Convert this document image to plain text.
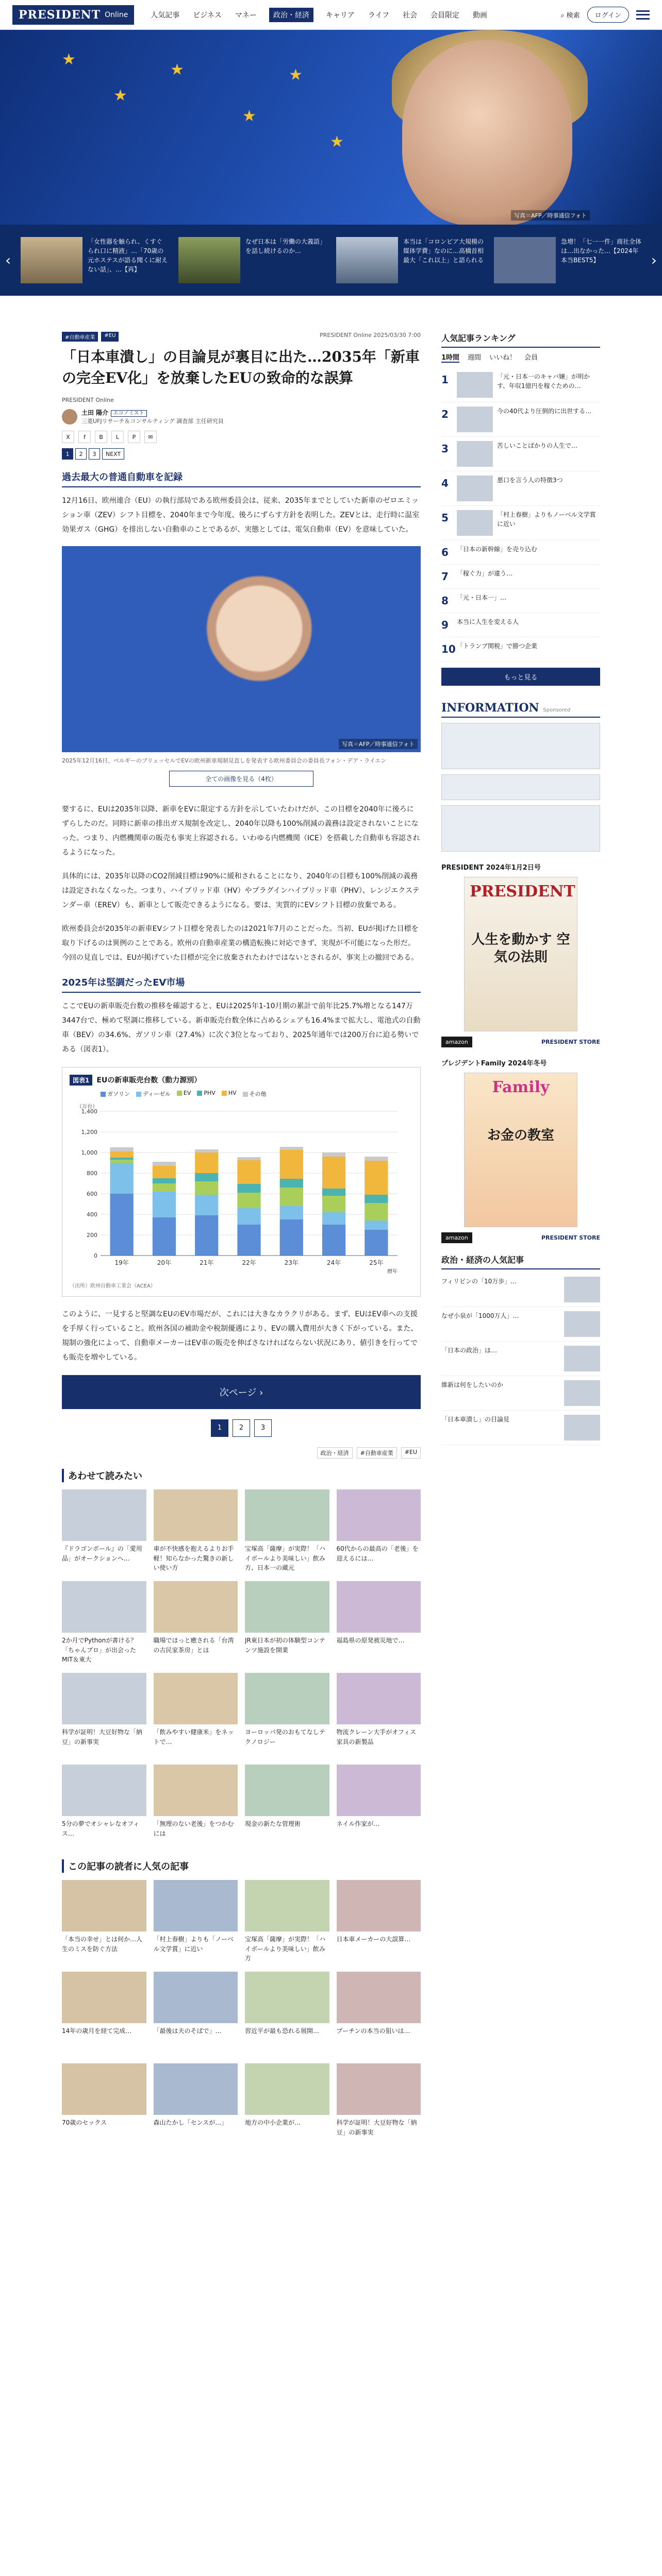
PRESIDENT Online	人気記事 ビジネス マネー	政治・経済	キャリア ライフ 社会 会員限定 動画	⌕ 検索	ログイン
★
★
★
★
★
★
写真＝AFP／時事通信フォト
‹
「女性器を触られ、くすぐられ口に精液」…「70歳の元ホステスが語る聞くに耐えない話」、…【再】
なぜ日本は「労働の大義語」を話し続けるのか…
本当は「コロンビア大規模の媒体学費」なのに…高橋首相最大「これ以上」と語られる
急増！「七一一件」商社全体は…出なかった…【2024年本当BEST5】	›
#自動車産業	#EU	PRESIDENT Online 2025/03/30 7:00
「日本車潰し」の目論見が裏目に出た…2035年「新車の完全EV化」を放棄したEUの致命的な誤算
PRESIDENT Online
土田 陽介 エコノミスト
三菱UFJリサーチ＆コンサルティング 調査部 主任研究員
X	f	B	L	P	✉
1	2	3	NEXT
過去最大の普通自動車を記録

12月16日、欧州連合（EU）の執行部局である欧州委員会は、従来、2035年までとしていた新車のゼロエミッション車（ZEV）シフト目標を、2040年まで今年度、後ろにずらす方針を表明した。ZEVとは、走行時に温室効果ガス（GHG）を排出しない自動車のことであるが、実態としては、電気自動車（EV）を意味していた。

写真＝AFP／時事通信フォト
2025年12月16日、ベルギーのブリュッセルでEVの欧州新車規制見直しを発表する欧州委員会の委員長フォン・デア・ライエン
全ての画像を見る（4枚）

要するに、EUは2035年以降、新車をEVに限定する方針を示していたわけだが、この目標を2040年に後ろにずらしたのだ。同時に新車の排出ガス規制を改定し、2040年以降も100%削減の義務は設定されないことになった。つまり、内燃機関車の販売も事実上容認される。いわゆる内燃機関（ICE）を搭載した自動車も容認されるようになった。

具体的には、2035年以降のCO2削減目標は90%に緩和されることになり、2040年の目標も100%削減の義務は設定されなくなった。つまり、ハイブリッド車（HV）やプラグインハイブリッド車（PHV）、レンジエクステンダー車（EREV）も、新車として販売できるようになる。要は、実質的にEVシフト目標の放棄である。

欧州委員会が2035年の新車EVシフト目標を発表したのは2021年7月のことだった。当初、EUが掲げた目標を取り下げるのは異例のことである。欧州の自動車産業の構造転換に対応できず、実現が不可能になった形だ。今回の見直しでは、EUが掲げていた目標が完全に放棄されたわけではないとされるが、事実上の撤回である。

2025年は堅調だったEV市場

ここでEUの新車販売台数の推移を確認すると、EUは2025年1-10月期の累計で前年比25.7%増となる147万3447台で、極めて堅調に推移している。新車販売台数全体に占めるシェアも16.4%まで拡大し、電池式の自動車（BEV）の34.6%、ガソリン車（27.4%）に次ぐ3位となっており、2025年通年では200万台に迫る勢いである（図表1）。

図表1	EUの新車販売台数（動力源別）
ガソリン	ディーゼル	EV	PHV	HV	その他
0
200
400
600
800
1,000
1,200
1,400
（万台）
19年	20年	21年	22年	23年	24年	25年
暦年
（出所）欧州自動車工業会（ACEA）

このように、一見すると堅調なEUのEV市場だが、これには大きなカラクリがある。まず、EUはEV車への支援を手厚く行っていること。欧州各国の補助金や税制優遇により、EVの購入費用が大きく下がっている。また、規制の強化によって、自動車メーカーはEV車の販売を伸ばさなければならない状況にあり、値引きを行ってでも販売を増やしている。

次ページ ›
1	2	3
政治・経済	#自動車産業	#EU
あわせて読みたい
『ドラゴンボール』の「愛用品」がオークションへ…
車が不快感を抱えるよりお手軽！知らなかった驚きの新しい使い方
宝塚高「薩摩」が実際！「ハイボールより美味しい」飲み方、日本一の蔵元
60代からの最高の「老後」を迎えるには…
2か月でPythonが書ける？「ちゃんプロ」が出会ったMIT＆東大
職場でほっと癒される「台湾の古民家茶房」とは
JR東日本が初の体験型コンテンツ施設を開業
福島県の原発被災地で…
科学が証明！大豆好物な「納豆」の新事実
「飲みやすい健康米」をネットで…
ヨーロッパ発のおもてなしテクノロジー
物流クレーン大手がオフィス家具の新製品
5分の夢でオシャレなオフィス…
「無理のない老後」をつかむには
現金の新たな管理術	ネイル作家が…
この記事の読者に人気の記事
「本当の幸せ」とは何か…人生のミスを防ぐ方法
「村上春樹」よりも「ノーベル文学賞」に近い
宝塚高「薩摩」が実際！「ハイボールより美味しい」飲み方
日本車メーカーの大誤算…
14年の歳月を経て完成…	「最後は夫のそばで」…	習近平が最も恐れる展開…	プーチンの本当の狙いは…
70歳のセックス	森山たかし「センスが…」	地方の中小企業が…	科学が証明！大豆好物な「納豆」の新事実
人気記事ランキング
1時間 週間 いいね！ 会員
1	「元・日本一のキャバ嬢」が明かす、年収1億円を稼ぐための…
2	今の40代より圧倒的に出世する…
3	苦しいことばかりの人生で…
4	悪口を言う人の特徴3つ
5	「村上春樹」よりもノーベル文学賞に近い
6	「日本の新幹線」を売り込む
7	「稼ぐ力」が違う…
8	「元・日本一」…
9	本当に人生を変える人
10 「トランプ関税」で勝つ企業
もっと見る
INFORMATION Sponsored
PRESIDENT 2024年1月2日号
PRESIDENT
人生を動かす 空気の法則
amazon	PRESIDENT STORE
プレジデントFamily 2024年冬号
Family
お金の教室
amazon	PRESIDENT STORE
政治・経済の人気記事
フィリピンの「10万歩」…
なぜ小泉が「1000万人」…
「日本の政治」は…
維新は何をしたいのか
「日本車潰し」の目論見
